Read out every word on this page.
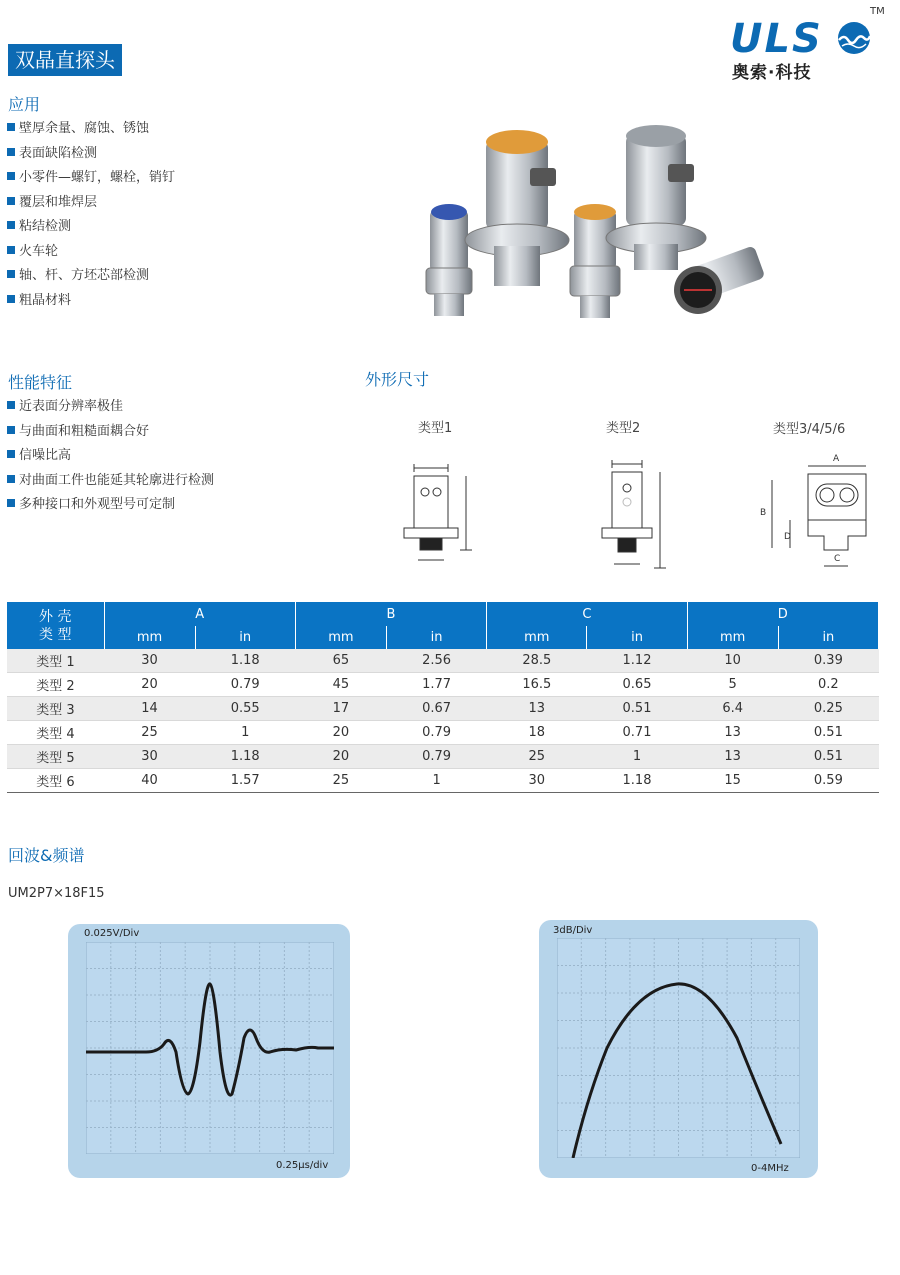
ULS
TM
奥索·科技
双晶直探头
应用
壁厚余量、腐蚀、锈蚀
表面缺陷检测
小零件—螺钉，螺栓，销钉
覆层和堆焊层
粘结检测
火车轮
轴、杆、方坯芯部检测
粗晶材料
性能特征
近表面分辨率极佳
与曲面和粗糙面耦合好
信噪比高
对曲面工件也能延其轮廓进行检测
多种接口和外观型号可定制
外形尺寸
类型1	类型2	类型3/4/5/6
A
B
D
C
外 壳
类 型	A		B		C		D	
	mm	in	mm	in	mm	in	mm	in
类型 1	30	1.18	65	2.56	28.5	1.12	10	0.39
类型 2	20	0.79	45	1.77	16.5	0.65	5	0.2
类型 3	14	0.55	17	0.67	13	0.51	6.4	0.25
类型 4	25	1	20	0.79	18	0.71	13	0.51
类型 5	30	1.18	20	0.79	25	1	13	0.51
类型 6	40	1.57	25	1	30	1.18	15	0.59
回波&频谱
UM2P7×18F15
0.025V/Div
0.25μs/div
3dB/Div
0-4MHz
